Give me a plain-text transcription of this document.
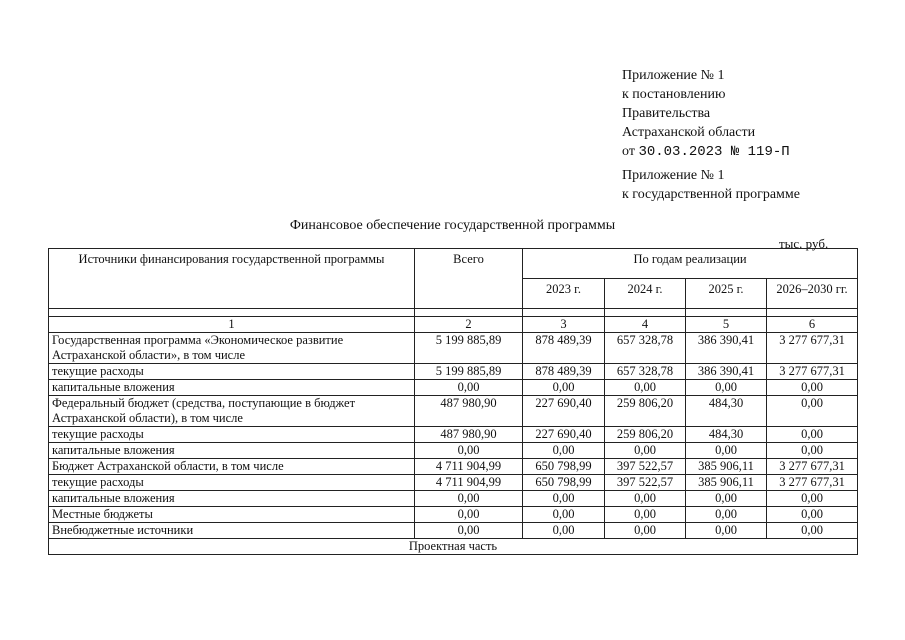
Приложение № 1
к постановлению
Правительства
Астраханской области
от 30.03.2023 № 119-П
Приложение № 1
к государственной программе
Финансовое обеспечение государственной программы
тыс. руб.
Источники финансирования государственной программы	Всего	По годам реализации			
		2023 г.	2024 г.	2025 г.	2026–2030 гг.

1	2	3	4	5	6
Государственная программа «Экономическое развитие Астраханской области», в том числе	5 199 885,89	878 489,39	657 328,78	386 390,41	3 277 677,31
текущие расходы	5 199 885,89	878 489,39	657 328,78	386 390,41	3 277 677,31
капитальные вложения	0,00	0,00	0,00	0,00	0,00
Федеральный бюджет (средства, поступающие в бюджет Астраханской области), в том числе	487 980,90	227 690,40	259 806,20	484,30	0,00
текущие расходы	487 980,90	227 690,40	259 806,20	484,30	0,00
капитальные вложения	0,00	0,00	0,00	0,00	0,00
Бюджет Астраханской области, в том числе	4 711 904,99	650 798,99	397 522,57	385 906,11	3 277 677,31
текущие расходы	4 711 904,99	650 798,99	397 522,57	385 906,11	3 277 677,31
капитальные вложения	0,00	0,00	0,00	0,00	0,00
Местные бюджеты	0,00	0,00	0,00	0,00	0,00
Внебюджетные источники	0,00	0,00	0,00	0,00	0,00
Проектная часть					
